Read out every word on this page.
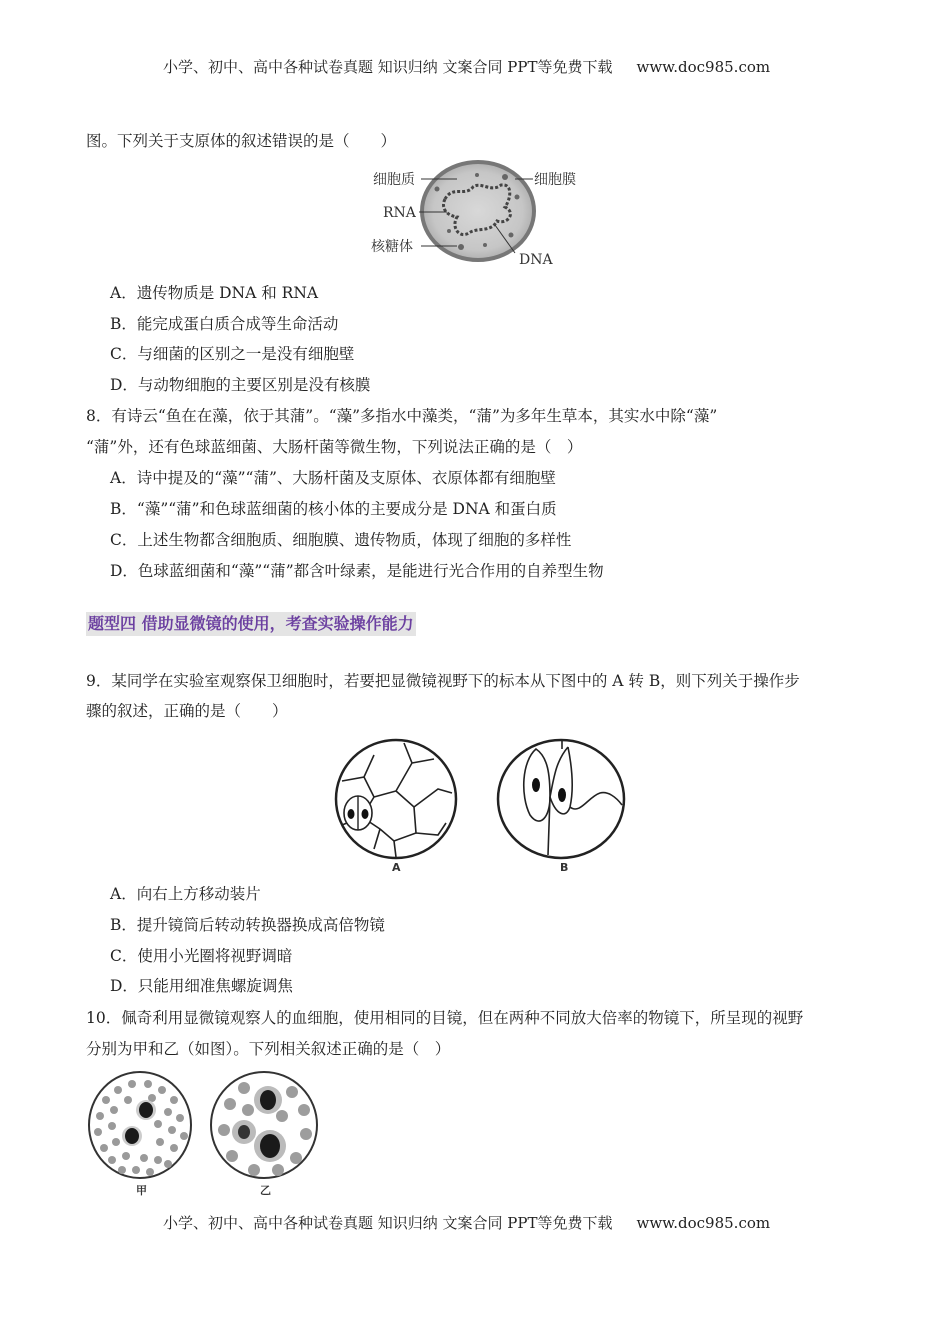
小学、初中、高中各种试卷真题 知识归纳 文案合同 PPT等免费下载 www.doc985.com
图。下列关于支原体的叙述错误的是（　　）
细胞质	细胞膜
RNA
核糖体
DNA
A．遗传物质是 DNA 和 RNA
B．能完成蛋白质合成等生命活动
C．与细菌的区别之一是没有细胞壁
D．与动物细胞的主要区别是没有核膜
8．有诗云“鱼在在藻，依于其蒲”。“藻”多指水中藻类，“蒲”为多年生草本，其实水中除“藻”
“蒲”外，还有色球蓝细菌、大肠杆菌等微生物，下列说法正确的是（　）
A．诗中提及的“藻”“蒲”、大肠杆菌及支原体、衣原体都有细胞壁
B．“藻”“蒲”和色球蓝细菌的核小体的主要成分是 DNA 和蛋白质
C．上述生物都含细胞质、细胞膜、遗传物质，体现了细胞的多样性
D．色球蓝细菌和“藻”“蒲”都含叶绿素，是能进行光合作用的自养型生物
题型四 借助显微镜的使用，考查实验操作能力
9．某同学在实验室观察保卫细胞时，若要把显微镜视野下的标本从下图中的 A 转 B，则下列关于操作步
骤的叙述，正确的是（　　）
A	B
A．向右上方移动装片
B．提升镜筒后转动转换器换成高倍物镜
C．使用小光圈将视野调暗
D．只能用细准焦螺旋调焦
10．佩奇利用显微镜观察人的血细胞，使用相同的目镜，但在两种不同放大倍率的物镜下，所呈现的视野
分别为甲和乙（如图）。下列相关叙述正确的是（　）
甲	乙
小学、初中、高中各种试卷真题 知识归纳 文案合同 PPT等免费下载 www.doc985.com
